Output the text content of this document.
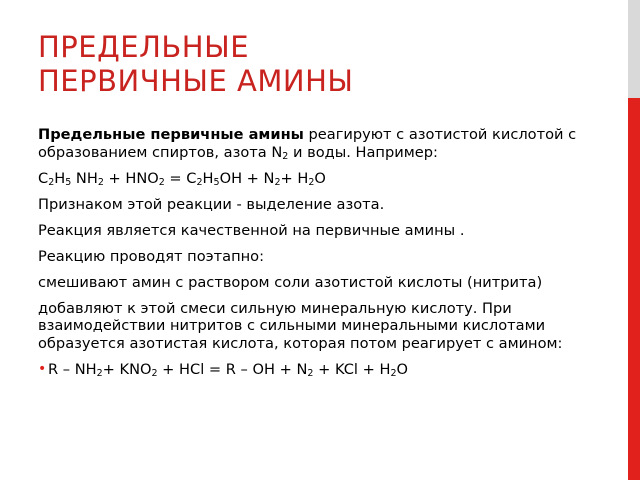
ПРЕДЕЛЬНЫЕ
ПЕРВИЧНЫЕ АМИНЫ

Предельные первичные амины реагируют с азотистой кислотой с образованием спиртов, азота $N_2$ и воды. Например:

$C_2H_5$ $NH_2 + HNO_2 = C_2H_5OH + N_2+ H_2O$

Признаком этой реакции - выделение азота.

Реакция является качественной на первичные амины .

Реакцию проводят поэтапно:

смешивают амин с раствором соли азотистой кислоты (нитрита)

добавляют к этой смеси сильную минеральную кислоту. При взаимодействии нитритов с сильными минеральными кислотами образуется азотистая кислота, которая потом реагирует с амином:

• $R - NH_2+ KNO_2$ + HCl = R – OH + $N_2$ + KCl + $H_2O$
